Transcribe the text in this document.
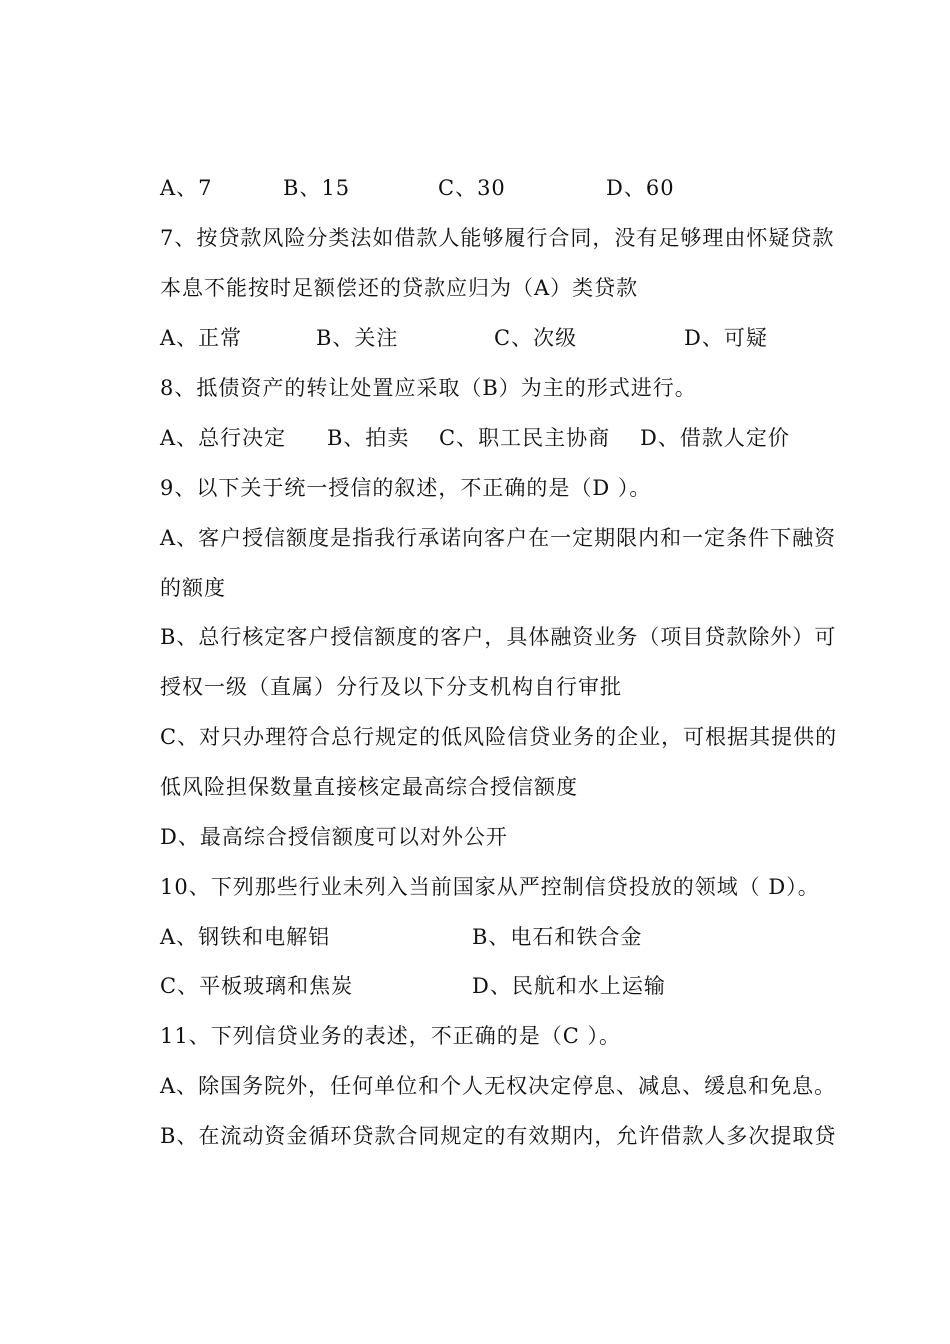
A、7	B、15	C、30	D、60
7、按贷款风险分类法如借款人能够履行合同，没有足够理由怀疑贷款
本息不能按时足额偿还的贷款应归为（A）类贷款
A、正常	B、关注	C、次级	D、可疑
8、抵债资产的转让处置应采取（B）为主的形式进行。
A、总行决定 B、拍卖 C、职工民主协商 D、借款人定价
9、以下关于统一授信的叙述，不正确的是（D ）。
A、客户授信额度是指我行承诺向客户在一定期限内和一定条件下融资
的额度
B、总行核定客户授信额度的客户，具体融资业务（项目贷款除外）可
授权一级（直属）分行及以下分支机构自行审批
C、对只办理符合总行规定的低风险信贷业务的企业，可根据其提供的
低风险担保数量直接核定最高综合授信额度
D、最高综合授信额度可以对外公开
10、下列那些行业未列入当前国家从严控制信贷投放的领域（ D）。
A、钢铁和电解铝	B、电石和铁合金
C、平板玻璃和焦炭	D、民航和水上运输
11、下列信贷业务的表述，不正确的是（C ）。
A、除国务院外，任何单位和个人无权决定停息、减息、缓息和免息。
B、在流动资金循环贷款合同规定的有效期内，允许借款人多次提取贷
